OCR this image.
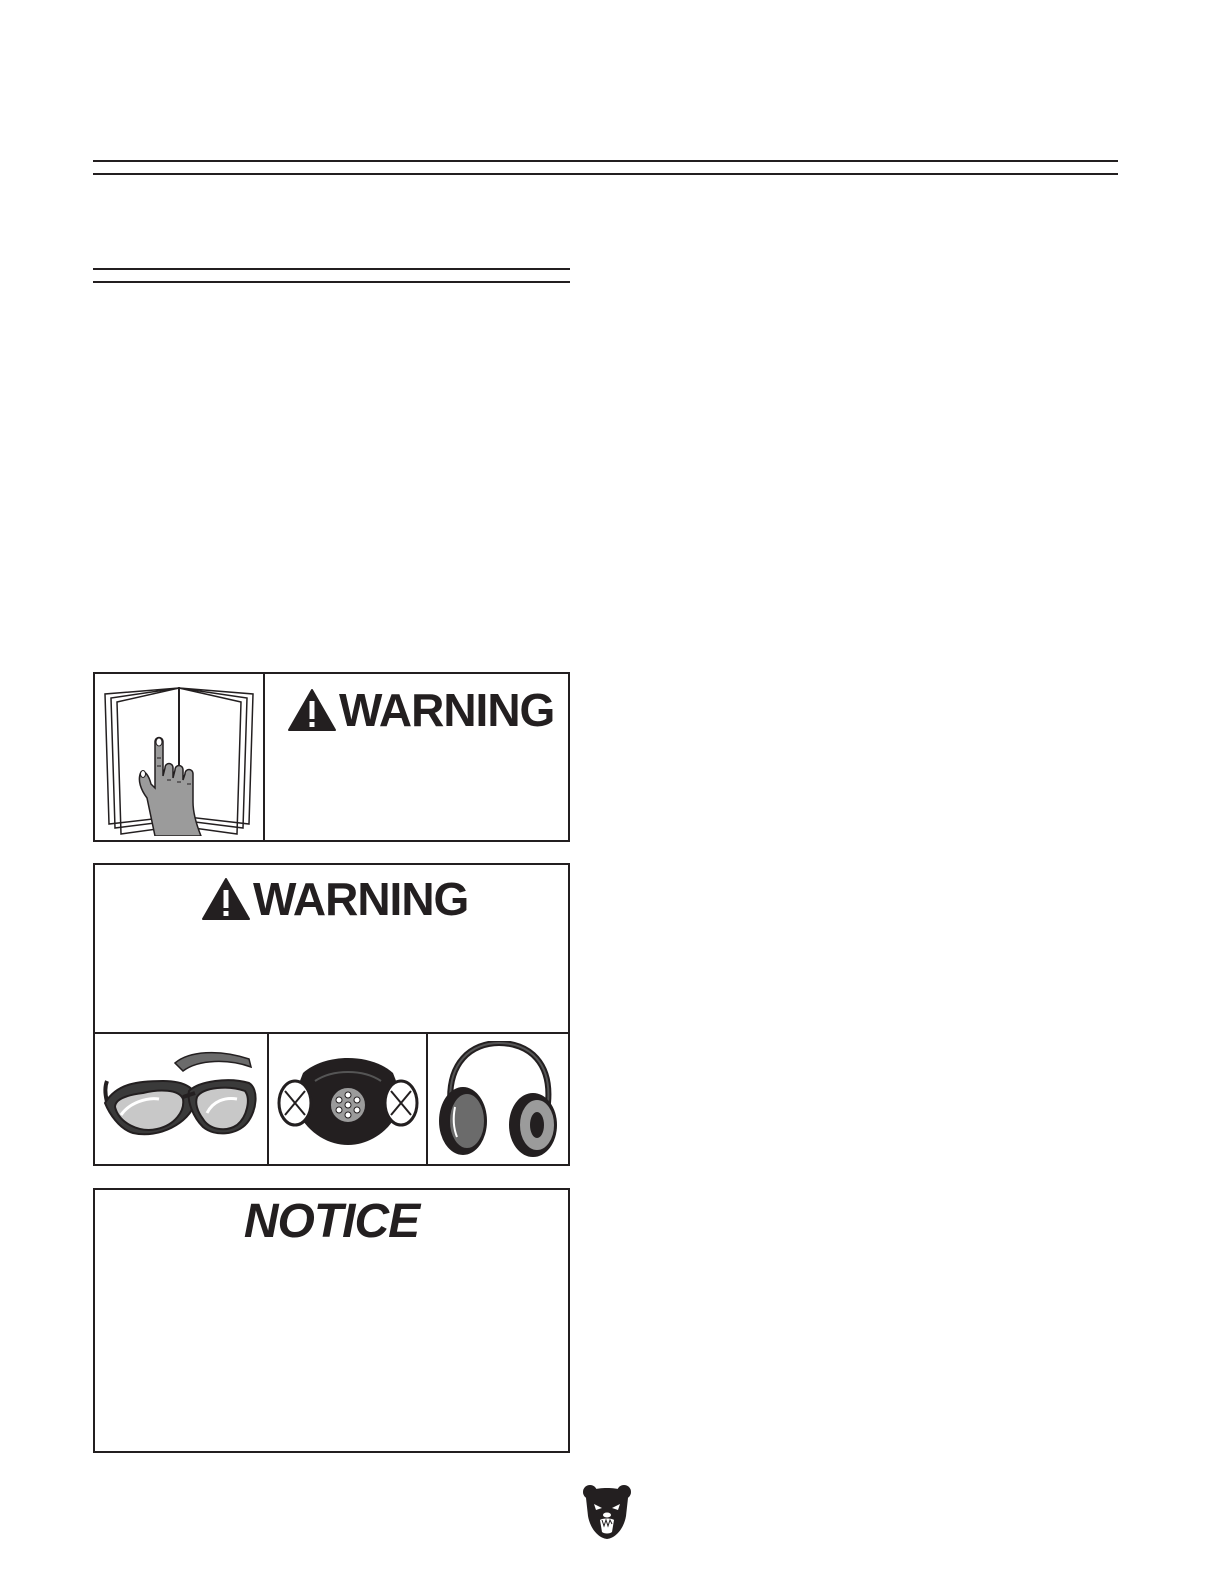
WARNING
WARNING
NOTICE
